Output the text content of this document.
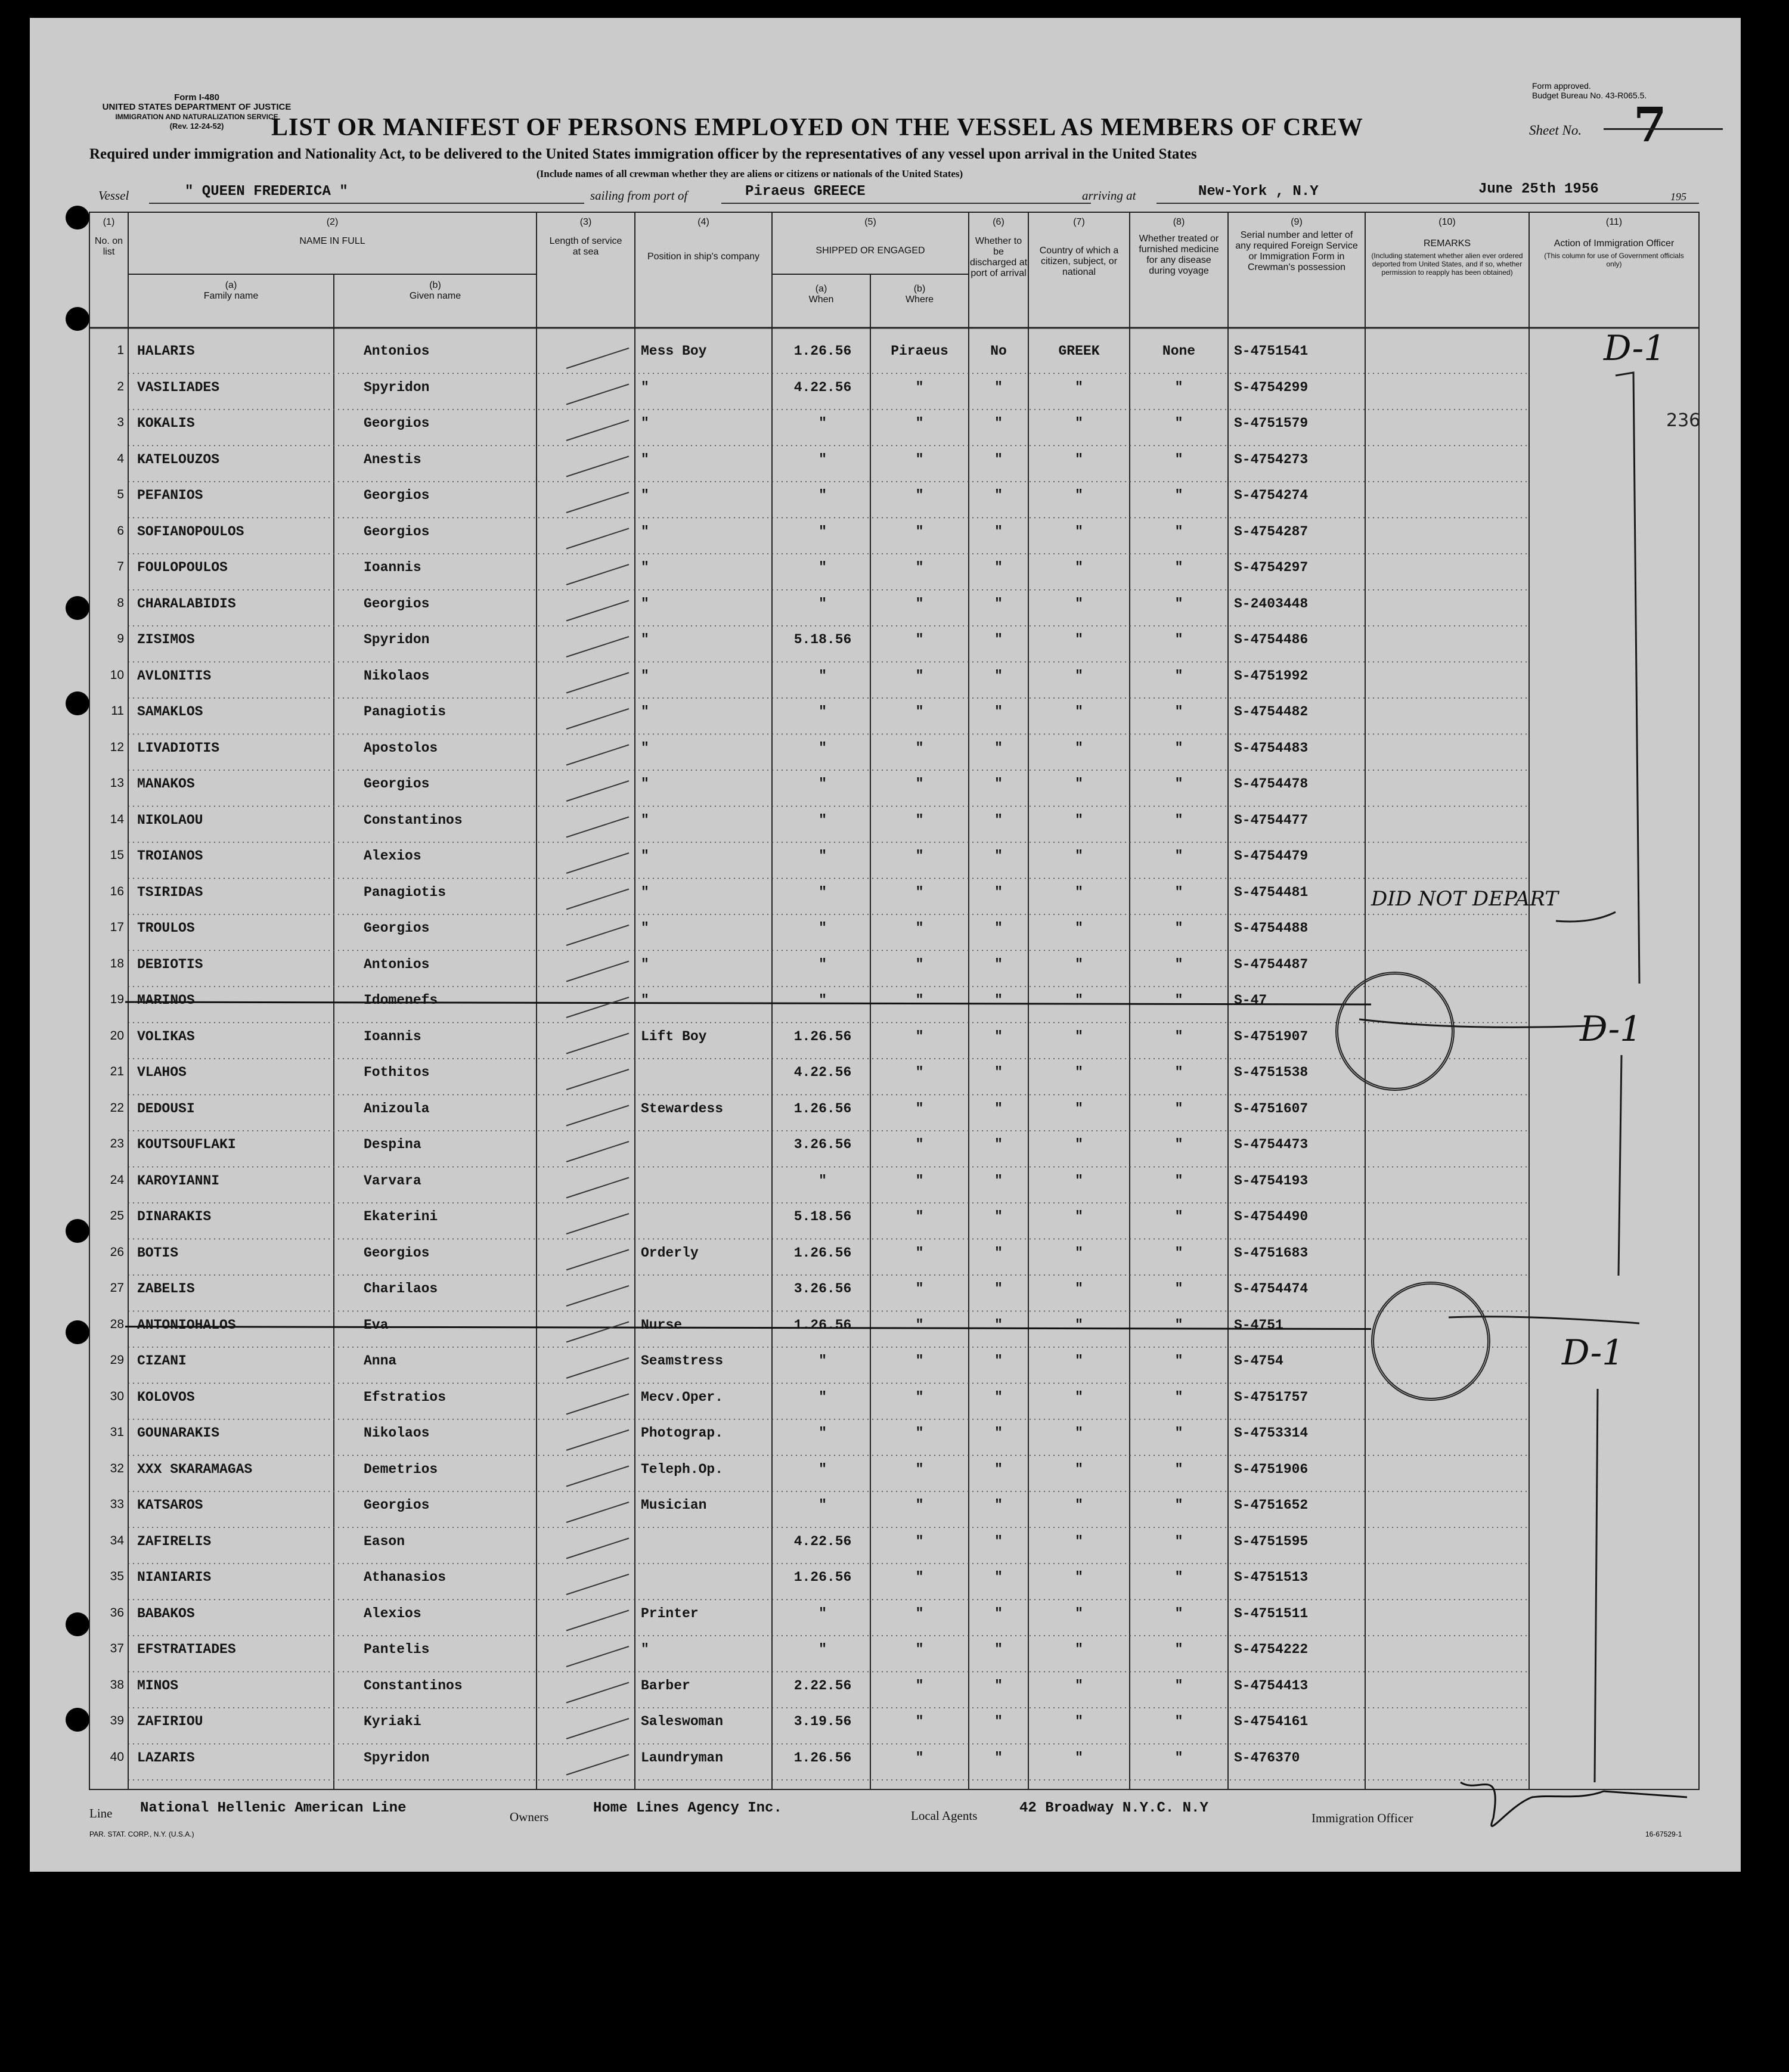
Form I-480
UNITED STATES DEPARTMENT OF JUSTICE
IMMIGRATION AND NATURALIZATION SERVICE
(Rev. 12-24-52)
Form approved.
Budget Bureau No. 43-R065.5.
Sheet No. 7
LIST OR MANIFEST OF PERSONS EMPLOYED ON THE VESSEL AS MEMBERS OF CREW
Required under immigration and Nationality Act, to be delivered to the United States immigration officer by the representatives of any vessel upon arrival in the United States
(Include names of all crewman whether they are aliens or citizens or nationals of the United States)
Vessel	" QUEEN FREDERICA "	sailing from port of	Piraeus GREECE	arriving at	New-York , N.Y	June 25th 1956	195
(1)
No. on list
(2)
NAME IN FULL
(a)
Family name
(b)
Given name
(3)
Length of service at sea
(4)
Position in ship's company
(5)
SHIPPED OR ENGAGED
(a)
When
(b)
Where
(6)
Whether to be discharged at port of arrival
(7)
Country of which a citizen, subject, or national
(8)
Whether treated or furnished medicine for any disease during voyage
(9)
Serial number and letter of any required Foreign Service or Immigration Form in Crewman's possession
(10)
REMARKS
(Including statement whether alien ever ordered deported from United States, and if so, whether permission to reapply has been obtained)
(11)
Action of Immigration Officer
(This column for use of Government officials only)
1 HALARIS	Antonios	Mess Boy	1.26.56	Piraeus	No	GREEK	None	S-4751541
2 VASILIADES	Spyridon	"	4.22.56	"	"	"	"	S-4754299
3 KOKALIS	Georgios	"	"	"	"	"	"	S-4751579
4 KATELOUZOS	Anestis	"	"	"	"	"	"	S-4754273
5 PEFANIOS	Georgios	"	"	"	"	"	"	S-4754274
6 SOFIANOPOULOS	Georgios	"	"	"	"	"	"	S-4754287
7 FOULOPOULOS	Ioannis	"	"	"	"	"	"	S-4754297
8 CHARALABIDIS	Georgios	"	"	"	"	"	"	S-2403448
9 ZISIMOS	Spyridon	"	5.18.56	"	"	"	"	S-4754486
10 AVLONITIS	Nikolaos	"	"	"	"	"	"	S-4751992
11 SAMAKLOS	Panagiotis	"	"	"	"	"	"	S-4754482
12 LIVADIOTIS	Apostolos	"	"	"	"	"	"	S-4754483
13 MANAKOS	Georgios	"	"	"	"	"	"	S-4754478
14 NIKOLAOU	Constantinos	"	"	"	"	"	"	S-4754477
15 TROIANOS	Alexios	"	"	"	"	"	"	S-4754479
16 TSIRIDAS	Panagiotis	"	"	"	"	"	"	S-4754481
17 TROULOS	Georgios	"	"	"	"	"	"	S-4754488
18 DEBIOTIS	Antonios	"	"	"	"	"	"	S-4754487
19 MARINOS	Idomenefs	"	"	"	"	"	"	S-47
20 VOLIKAS	Ioannis	Lift Boy	1.26.56	"	"	"	"	S-4751907
21 VLAHOS	Fothitos	4.22.56	"	"	"	"	S-4751538
22 DEDOUSI	Anizoula	Stewardess	1.26.56	"	"	"	"	S-4751607
23 KOUTSOUFLAKI	Despina	3.26.56	"	"	"	"	S-4754473
24 KAROYIANNI	Varvara	"	"	"	"	"	S-4754193
25 DINARAKIS	Ekaterini	5.18.56	"	"	"	"	S-4754490
26 BOTIS	Georgios	Orderly	1.26.56	"	"	"	"	S-4751683
27 ZABELIS	Charilaos	3.26.56	"	"	"	"	S-4754474
28 ANTONIOHALOS	Eva	Nurse	1.26.56	"	"	"	"	S-4751
29 CIZANI	Anna	Seamstress	"	"	"	"	"	S-4754
30 KOLOVOS	Efstratios	Mecv.Oper.	"	"	"	"	"	S-4751757
31 GOUNARAKIS	Nikolaos	Photograp.	"	"	"	"	"	S-4753314
32 XXX SKARAMAGAS	Demetrios	Teleph.Op.	"	"	"	"	"	S-4751906
33 KATSAROS	Georgios	Musician	"	"	"	"	"	S-4751652
34 ZAFIRELIS	Eason	4.22.56	"	"	"	"	S-4751595
35 NIANIARIS	Athanasios	1.26.56	"	"	"	"	S-4751513
36 BABAKOS	Alexios	Printer	"	"	"	"	"	S-4751511
37 EFSTRATIADES	Pantelis	"	"	"	"	"	"	S-4754222
38 MINOS	Constantinos	Barber	2.22.56	"	"	"	"	S-4754413
39 ZAFIRIOU	Kyriaki	Saleswoman	3.19.56	"	"	"	"	S-4754161
40 LAZARIS	Spyridon	Laundryman	1.26.56	"	"	"	"	S-476370
D-1
236
DID NOT DEPART
D-1
D-1
Line National Hellenic American Line
Owners
Home Lines Agency Inc.	Local Agents	42 Broadway N.Y.C. N.Y
Immigration Officer
PAR. STAT. CORP., N.Y. (U.S.A.)	16-67529-1
